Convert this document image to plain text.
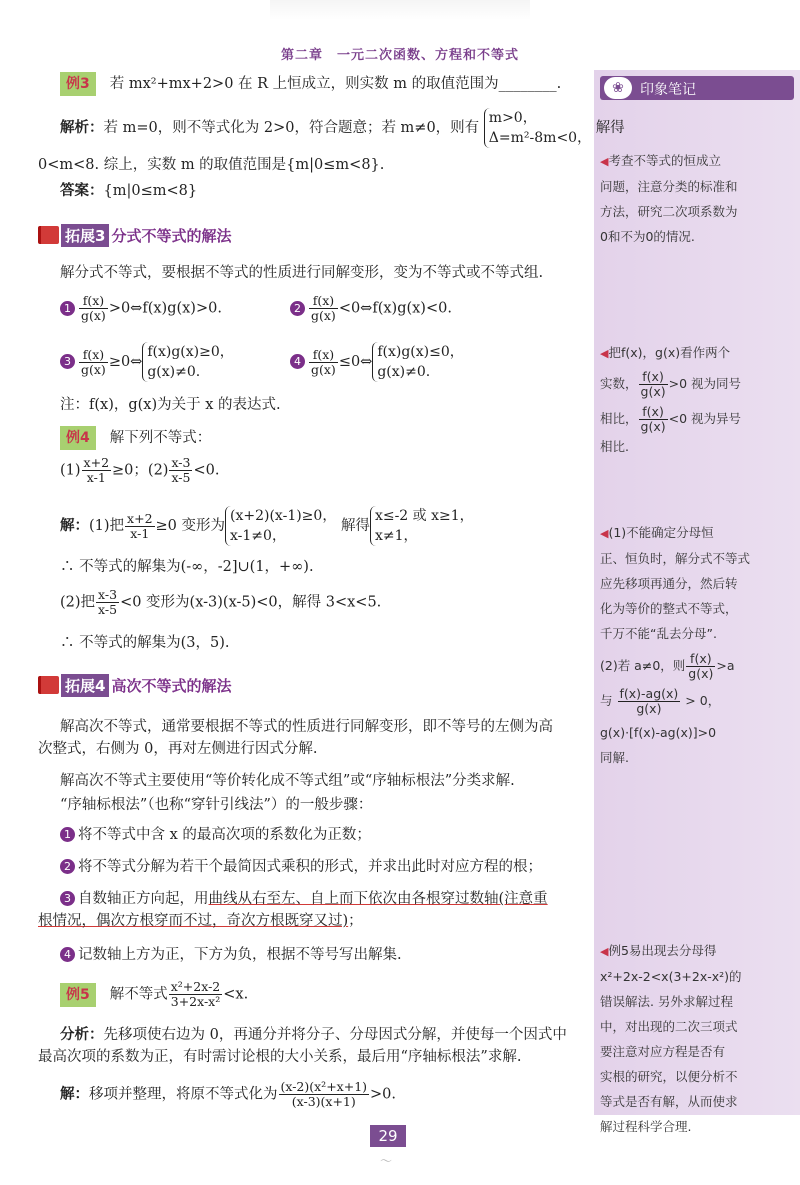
第二章　一元二次函数、方程和不等式
❀	印象笔记
例3 若 mx²+mx+2>0 在 R 上恒成立，则实数 m 的取值范围为________.
解析：若 m=0，则不等式化为 2>0，符合题意；若 m≠0，则有 m>0，
Δ=m²-8m<0， 解得
0<m<8. 综上，实数 m 的取值范围是{m|0≤m<8}.
答案：{m|0≤m<8}
◀考查不等式的恒成立
问题，注意分类的标准和
方法，研究二次项系数为
0和不为0的情况.
拓展3 分式不等式的解法
解分式不等式，要根据不等式的性质进行同解变形，变为不等式或不等式组.
$1 \frac{f(x)}{g(x)}$ >0⇔f(x)g(x)>0.	$2 \frac{f(x)}{g(x)}$ <0⇔f(x)g(x)<0.
$3 \frac{f(x)}{g(x)}$ ≥0⇔f(x)g(x)≥0，
g(x)≠0.
$4 \frac{f(x)}{g(x)}$ ≤0⇔f(x)g(x)≤0，
g(x)≠0.
注：f(x)，g(x)为关于 x 的表达式.
◀把f(x)，g(x)看作两个
实数， $\frac{f(x)}{g(x)} >0$ 视为同号
相比， $\frac{f(x)}{g(x)} <0$ 视为异号
相比.
例4 解下列不等式：
$(1) \frac{x+2}{x-1} \ge 0$；$(2) \frac{x-3}{x-5} <0$.
解：(1)把 $\frac{x+2}{x-1} \ge 0$ 变形为(x+2)(x-1)≥0，
x-1≠0， 解得x≤-2 或 x≥1，
x≠1，
∴ 不等式的解集为(-∞，-2]∪(1，+∞).
(2)把 $\frac{x-3}{x-5} <0$ 变形为(x-3)(x-5)<0，解得 3<x<5.
∴ 不等式的解集为(3，5).
◀(1)不能确定分母恒
正、恒负时，解分式不等式
应先移项再通分，然后转
化为等价的整式不等式，
千万不能“乱去分母”.
(2)若 a≠0，则 $\frac{f(x)}{g(x)} >a$
与 $\frac{f(x)-ag(x)}{g(x)} > 0$，
g(x)·[f(x)-ag(x)]>0
同解.
拓展4 高次不等式的解法
解高次不等式，通常要根据不等式的性质进行同解变形，即不等号的左侧为高
次整式，右侧为 0，再对左侧进行因式分解.
解高次不等式主要使用“等价转化成不等式组”或“序轴标根法”分类求解.
“序轴标根法”（也称“穿针引线法”）的一般步骤：
1 将不等式中含 x 的最高次项的系数化为正数；
2 将不等式分解为若干个最简因式乘积的形式，并求出此时对应方程的根；
3 自数轴正方向起，用曲线从右至左、自上而下依次由各根穿过数轴(注意重
根情况，偶次方根穿而不过，奇次方根既穿又过)；
4 记数轴上方为正，下方为负，根据不等号写出解集.
例5 解不等式 $\frac{\text{x²+2x-2}}{\text{3+2x-x²}} <x$.
分析：先移项使右边为 0，再通分并将分子、分母因式分解，并使每一个因式中
最高次项的系数为正，有时需讨论根的大小关系，最后用“序轴标根法”求解.
解：移项并整理，将原不等式化为 $\frac{\text{(x-2)(x²+x+1)}}{(x-3)(x+1)} >0$.
◀例5易出现去分母得
x²+2x-2<x(3+2x-x²)的
错误解法. 另外求解过程
中，对出现的二次三项式
要注意对应方程是否有
实根的研究，以便分析不
等式是否有解，从而使求
解过程科学合理.
29
〜
